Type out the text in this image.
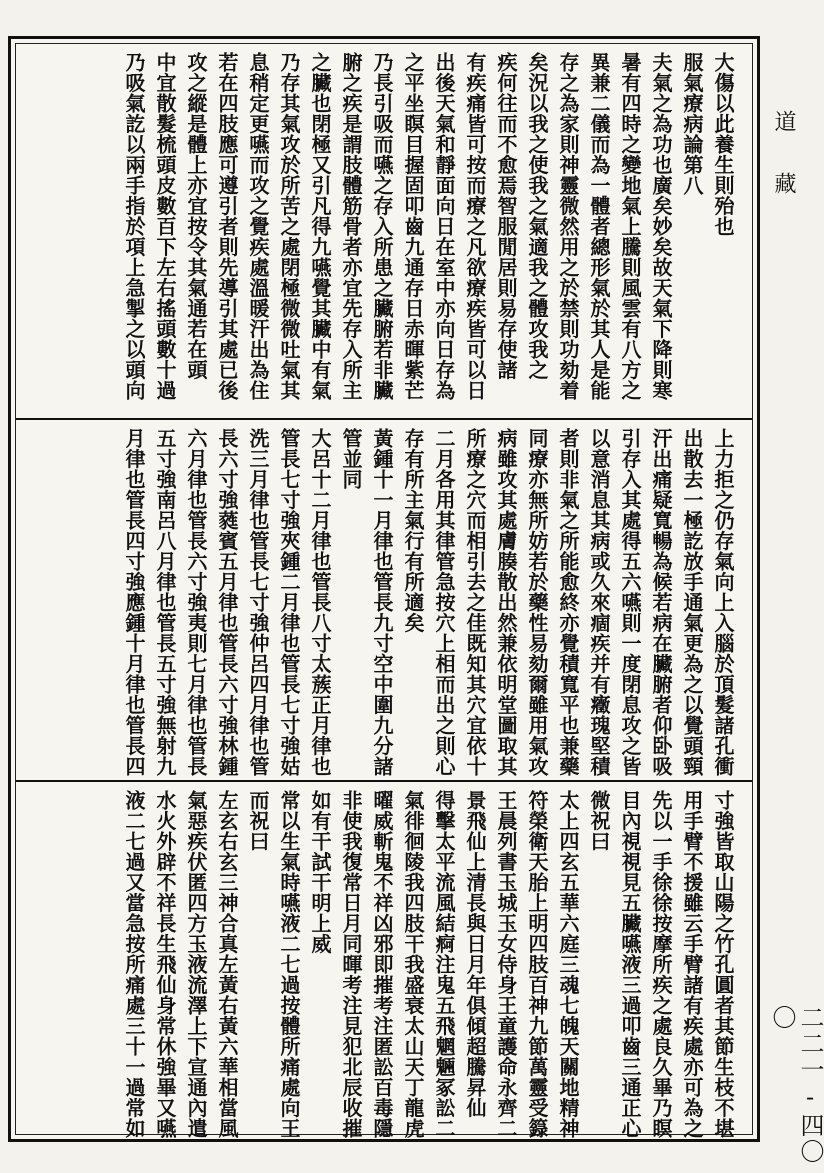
大傷以此養生則殆也
服氣療病論第八
夫氣之為功也廣矣妙矣故天氣下降則寒
暑有四時之變地氣上騰則風雲有八方之
異兼二儀而為一體者總形氣於其人是能
存之為家則神靈微然用之於禁則功劾着
矣況以我之使我之氣適我之體攻我之
疾何往而不愈焉智服閒居則易存使諸
有疾痛皆可按而療之凡欲療疾皆可以日
出後天氣和靜面向日在室中亦向日存為
之平坐瞑目握固叩齒九通存日赤暉紫芒
乃長引吸而嚥之存入所患之臟腑若非臟
腑之疾是謂肢體筋骨者亦宜先存入所主
之臟也閉極又引凡得九嚥覺其臟中有氣
乃存其氣攻於所苦之處閉極微微吐氣其
息稍定更嚥而攻之覺疾處溫暖汗出為住
若在四肢應可遵引者則先導引其處已後
攻之縱是體上亦宜按令其氣通若在頭
中宜散髮梳頭皮數百下左右搖頭數十過
乃吸氣訖以兩手指於項上急掣之以頭向
上力拒之仍存氣向上入腦於頂髮諸孔衝
出散去一極訖放手通氣更為之以覺頭頸
汗出痛疑寬暢為候若病在臟腑者仰卧吸
引存入其處得五六嚥則一度閉息攻之皆
以意消息其病或久來痼疾并有癥瑰堅積
者則非氣之所能愈終亦覺積寬平也兼藥
同療亦無所妨若於藥性易劾爾雖用氣攻
病雖攻其處膚腠散出然兼依明堂圖取其
所療之穴而相引去之佳既知其穴宜依十
二月各用其律管急按穴上相而出之則心
存有所主氣行有所適矣
黃鍾十一月律也管長九寸空中圍九分諸
管並同
大呂十二月律也管長八寸太蔟正月律也
管長七寸強夾鍾二月律也管長七寸強姑
洗三月律也管長七寸強仲呂四月律也管
長六寸強蕤賓五月律也管長六寸強林鍾
六月律也管長六寸強夷則七月律也管長
五寸強南呂八月律也管長五寸強無射九
月律也管長四寸強應鍾十月律也管長四
寸強皆取山陽之竹孔圓者其節生枝不堪
用手臂不援雖云手臂諸有疾處亦可為之
先以一手徐徐按摩所疾之處良久畢乃瞑
目內視視見五臟嚥液三過叩齒三通正心
微祝曰
太上四玄五華六庭三魂七魄天關地精神
符榮衛天胎上明四肢百神九節萬靈受籙
王晨列書玉城玉女侍身王童護命永齊二
景飛仙上清長與日月年俱傾超騰昇仙
得擊太平流風結痾注鬼五飛魍魎冢訟二
氣徘徊陵我四肢干我盛衰太山天丁龍虎
曜威斬鬼不祥凶邪即摧考注匿訟百毒隱
非使我復常日月同暉考注見犯北辰收摧
如有干試干明上威
常以生氣時嚥液二七過按體所痛處向王
而祝曰
左玄右玄三神合真左黃右黃六華相當風
氣惡疾伏匿四方玉液流澤上下宣通內遣
水火外辟不祥長生飛仙身常休強畢又嚥
液二七過又當急按所痛處三十一過常如
道藏
二二一-四〇〇
